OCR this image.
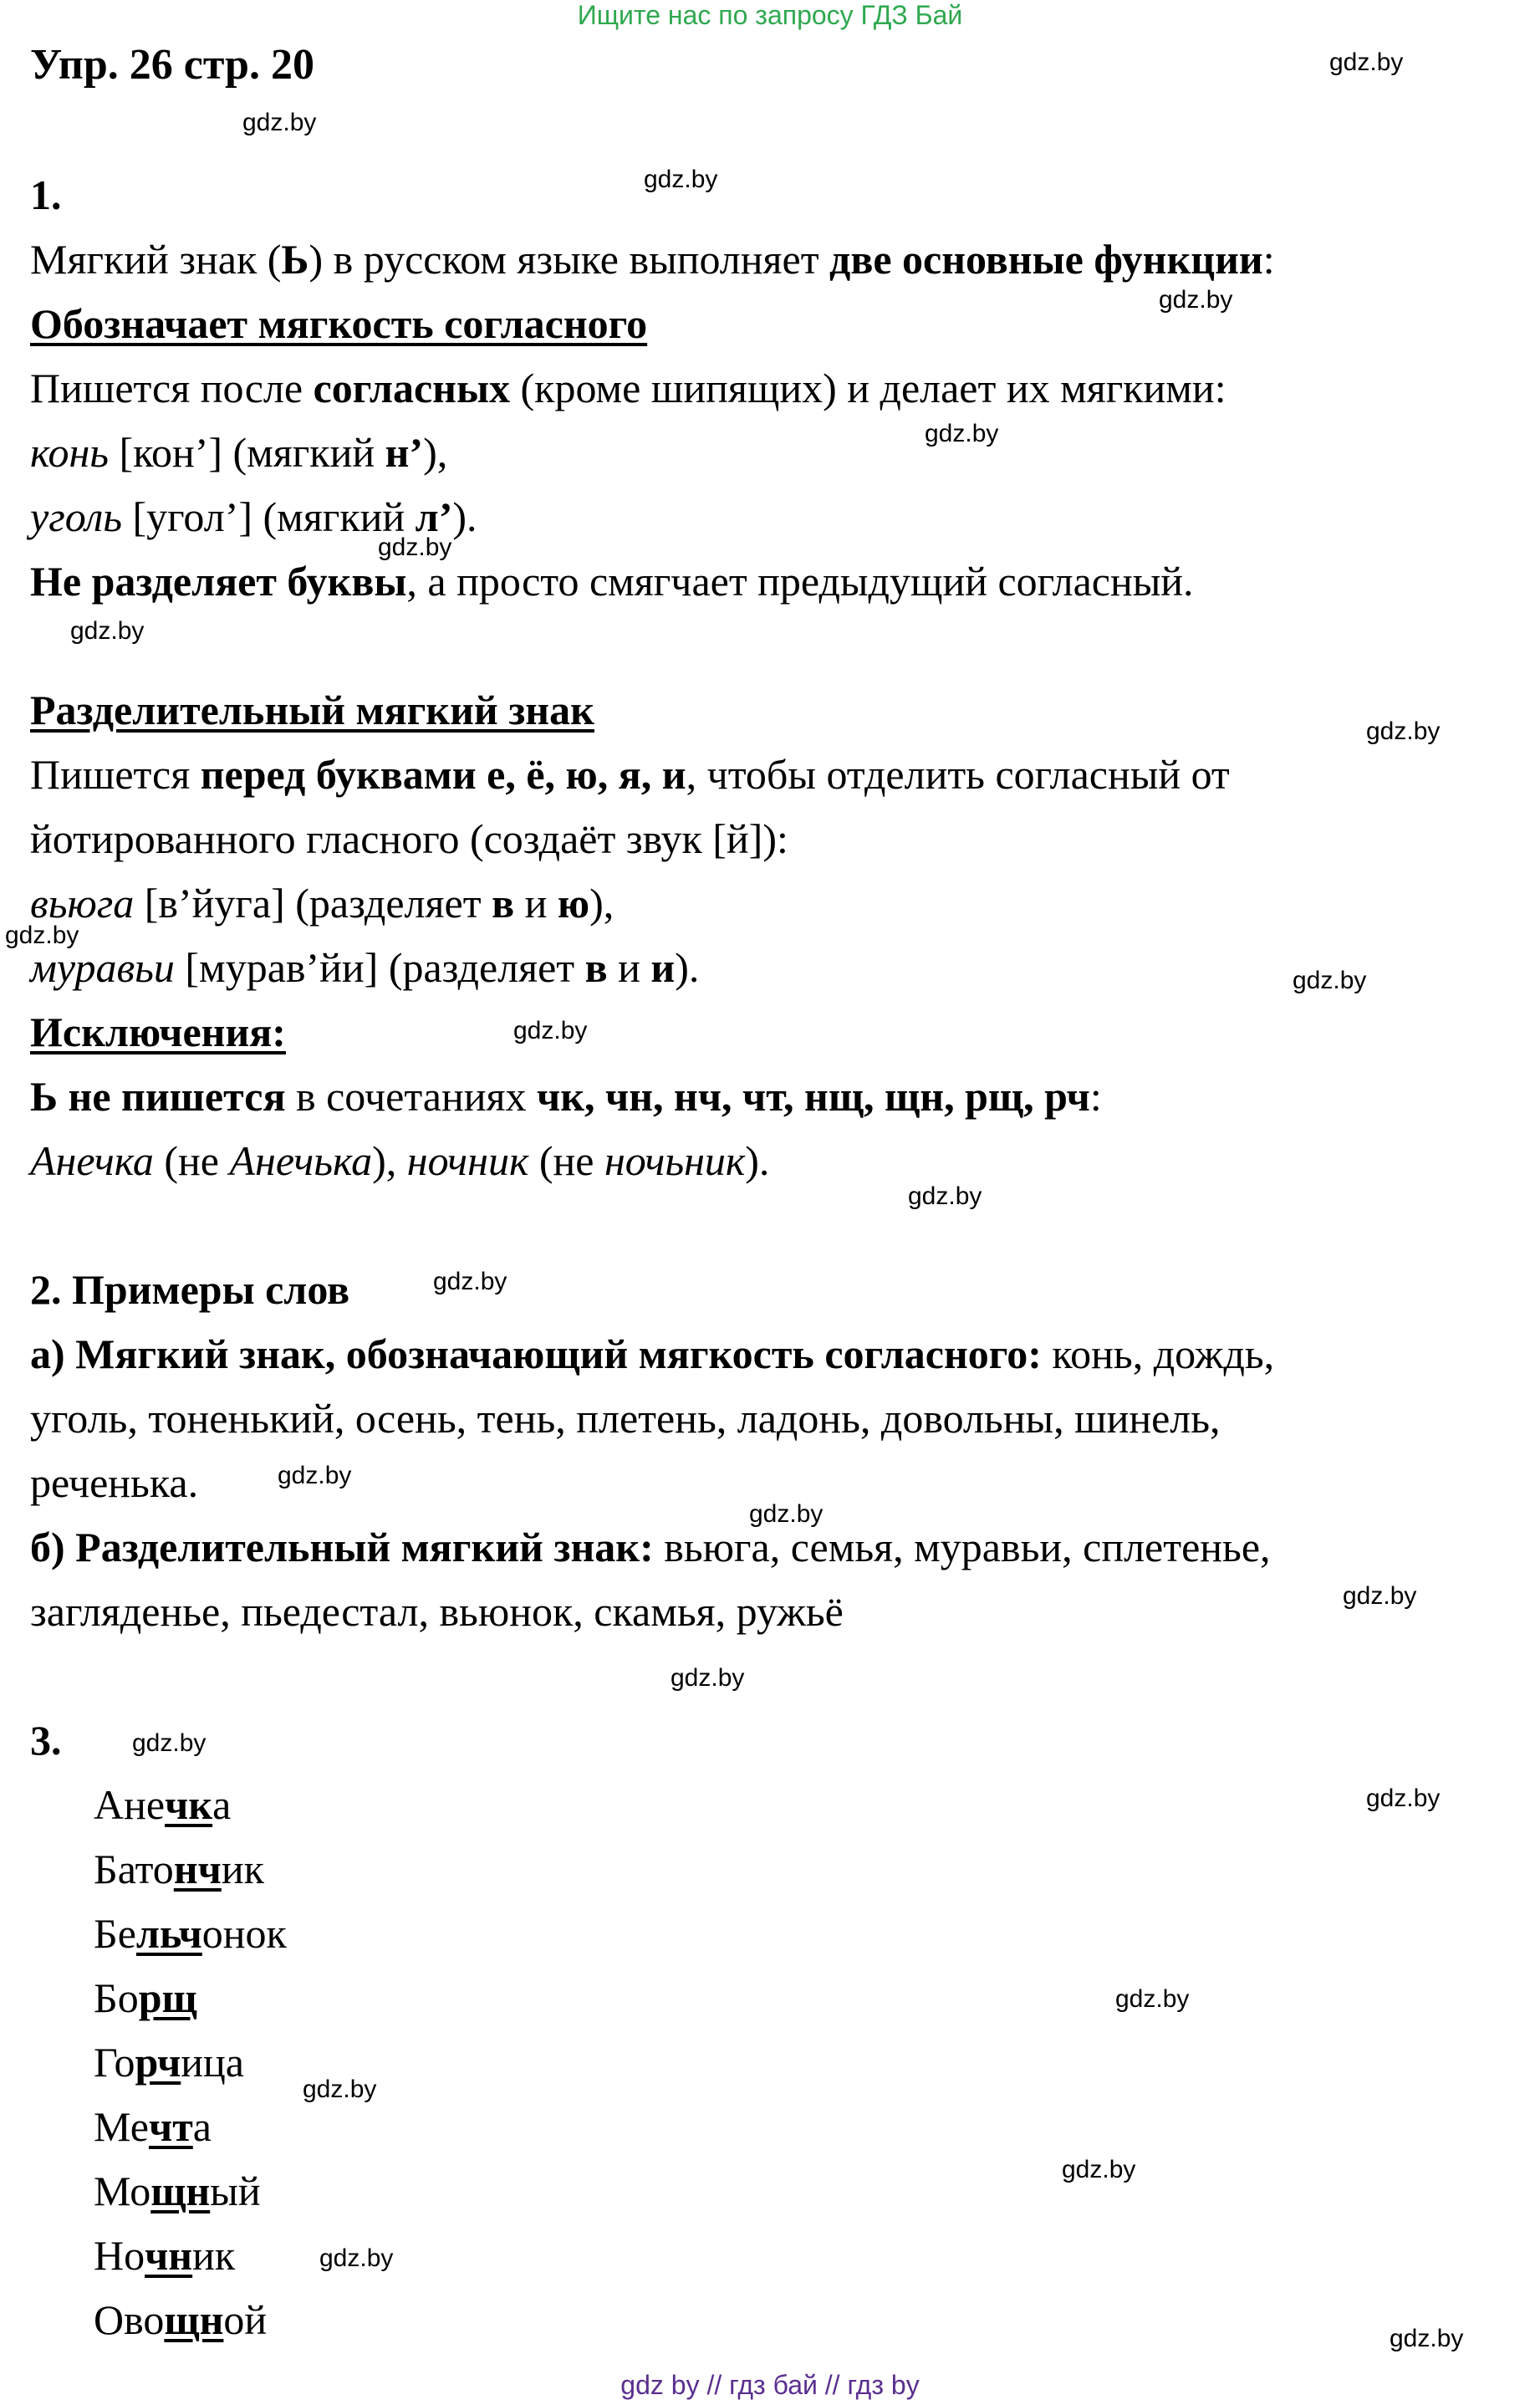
Ищите нас по запросу ГДЗ Бай
Упр. 26 стр. 20
1.
Мягкий знак (Ь) в русском языке выполняет две основные функции:
Обозначает мягкость согласного
Пишется после согласных (кроме шипящих) и делает их мягкими:
конь [кон’] (мягкий н’),
уголь [угол’] (мягкий л’).
Не разделяет буквы, а просто смягчает предыдущий согласный.
Разделительный мягкий знак
Пишется перед буквами е, ё, ю, я, и, чтобы отделить согласный от
йотированного гласного (создаёт звук [й]):
вьюга [в’йуга] (разделяет в и ю),
муравьи [мурав’йи] (разделяет в и и).
Исключения:
Ь не пишется в сочетаниях чк, чн, нч, чт, нщ, щн, рщ, рч:
Анечка (не Анечька), ночник (не ночьник).
2. Примеры слов
а) Мягкий знак, обозначающий мягкость согласного: конь, дождь,
уголь, тоненький, осень, тень, плетень, ладонь, довольны, шинель,
реченька.
б) Разделительный мягкий знак: вьюга, семья, муравьи, сплетенье,
загляденье, пьедестал, вьюнок, скамья, ружьё
3.
Анечка
Батончик
Бельчонок
Борщ
Горчица
Мечта
Мощный
Ночник
Овощной
gdz.by
gdz.by
gdz.by
gdz.by
gdz.by
gdz.by
gdz.by
gdz.by
gdz.by
gdz.by
gdz.by
gdz.by
gdz.by
gdz.by
gdz.by
gdz.by
gdz.by
gdz.by
gdz.by
gdz.by
gdz.by
gdz.by
gdz.by
gdz.by
gdz by // гдз бай // гдз by
